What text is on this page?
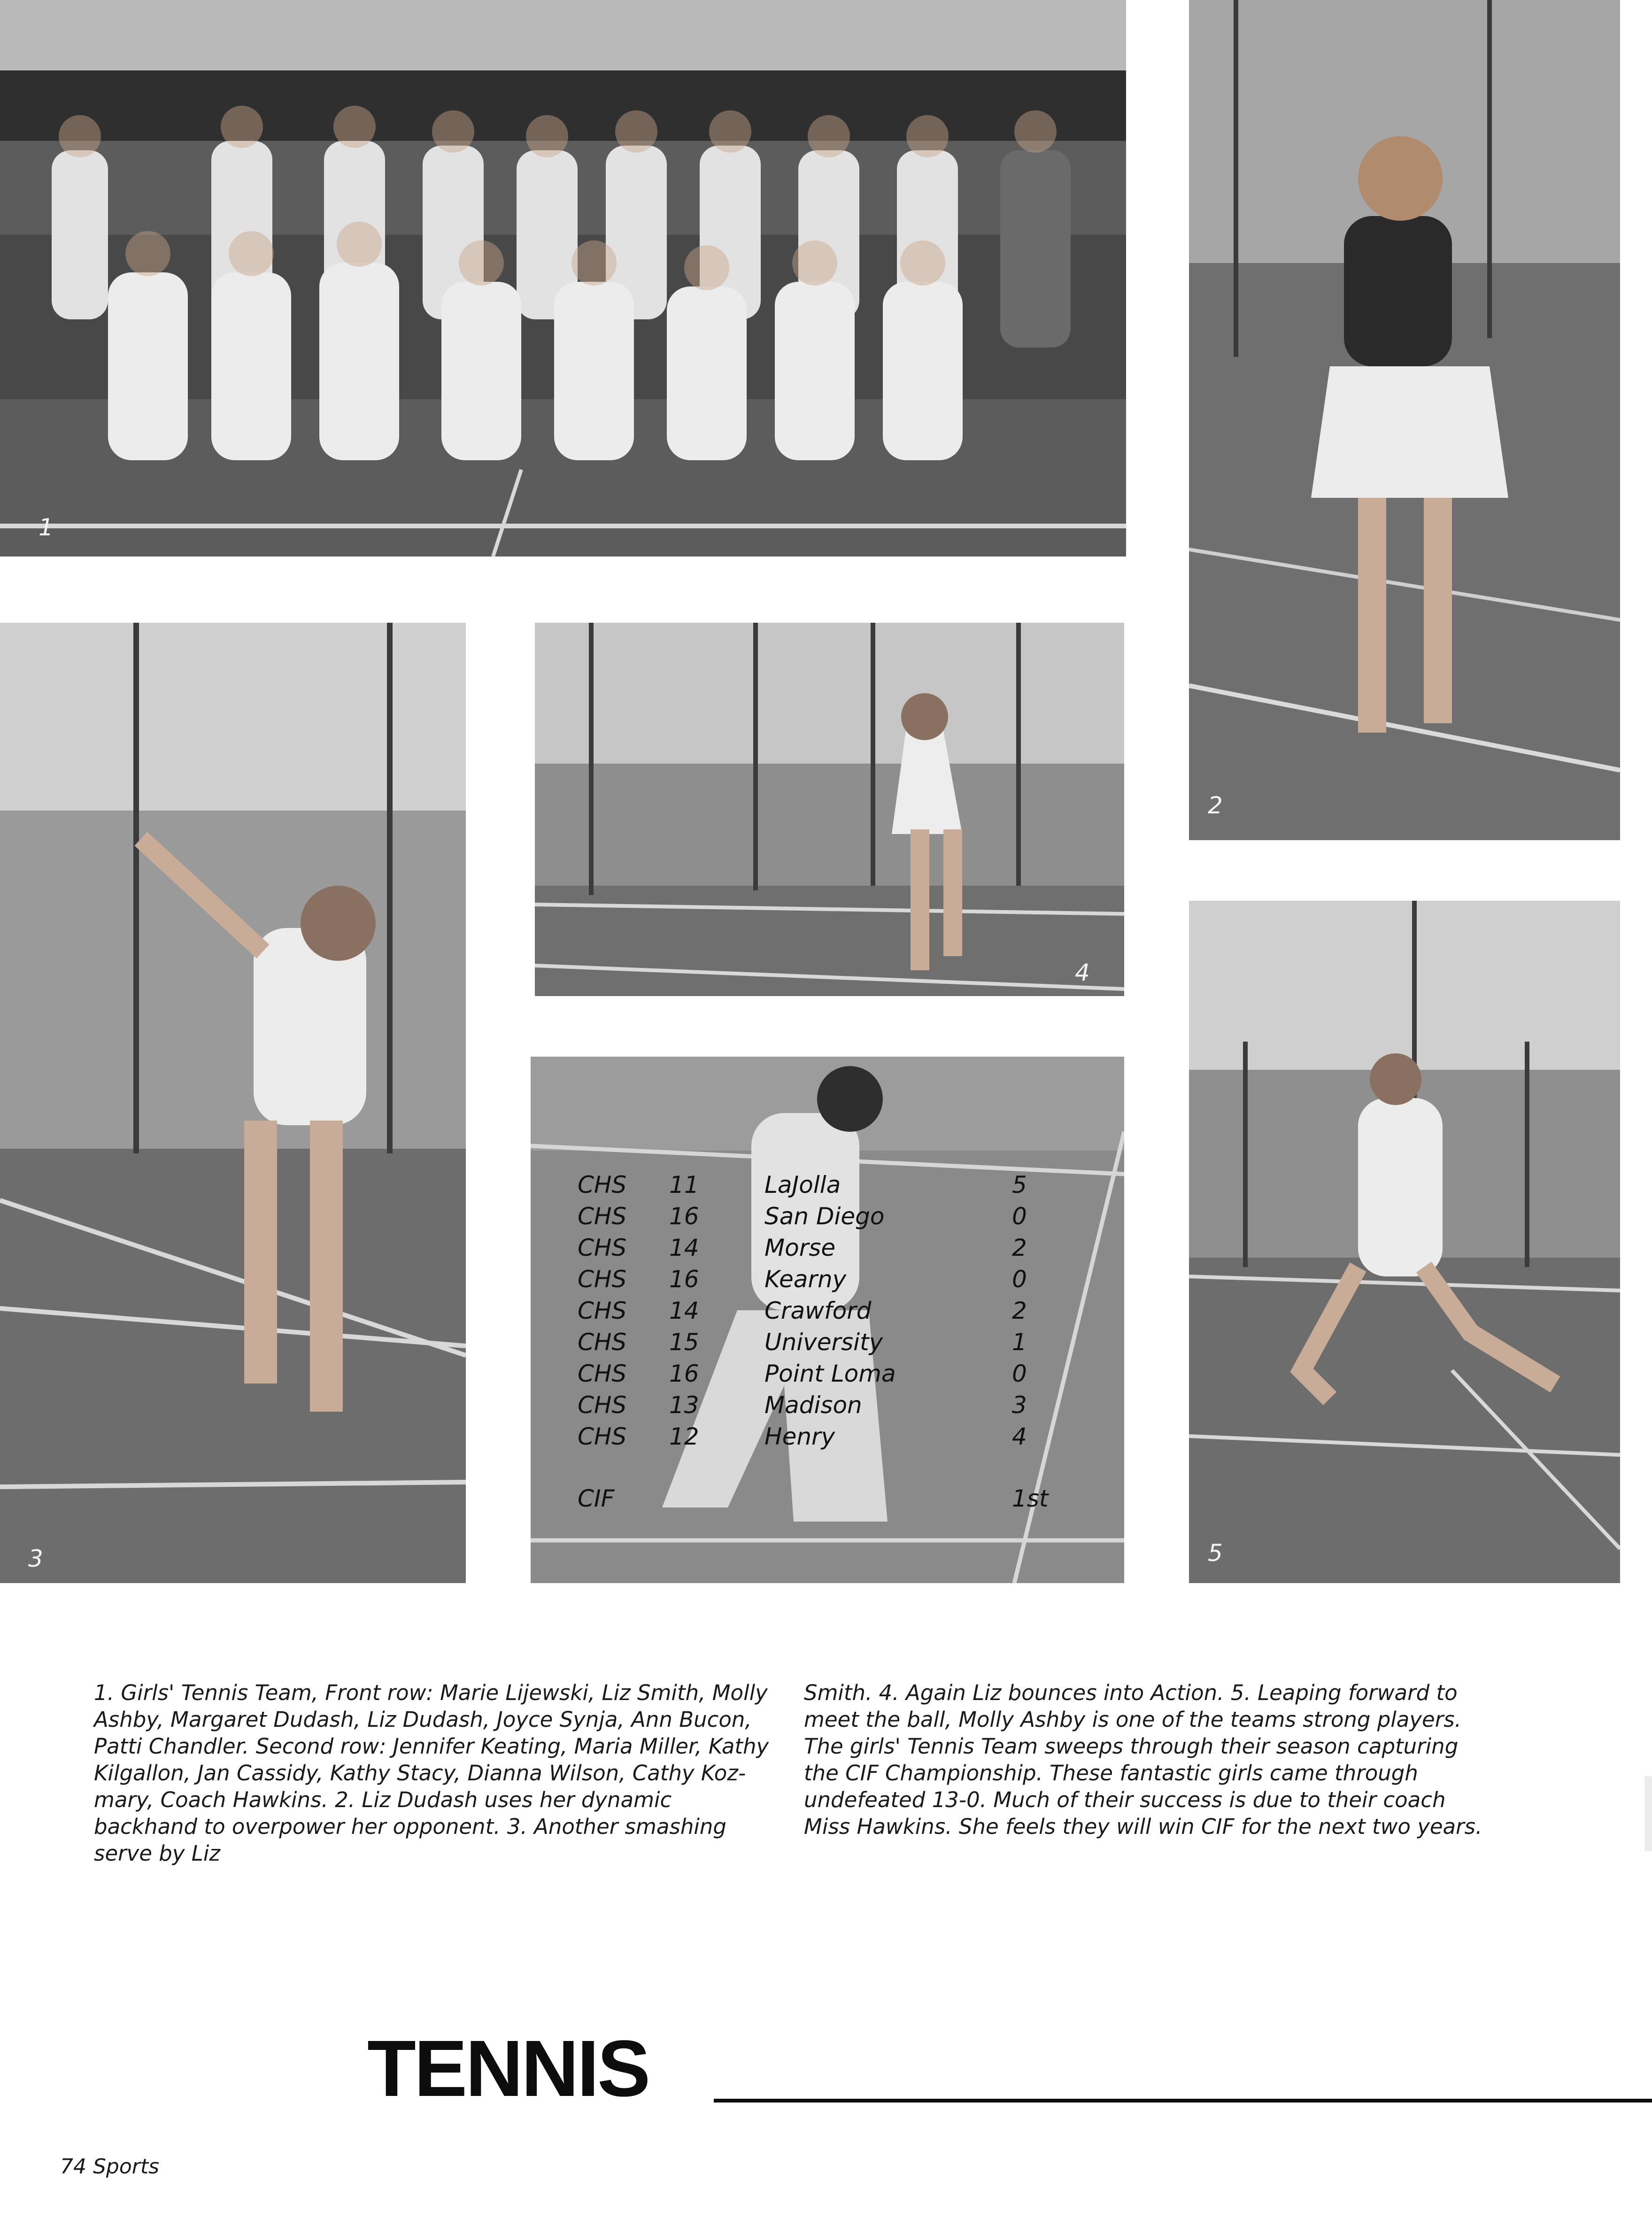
1
2
3
4
5
CHS 11	LaJolla	5
CHS 16	San Diego	0
CHS 14	Morse	2
CHS 16	Kearny	0
CHS 14	Crawford	2
CHS 15	University	1
CHS 16	Point Loma	0
CHS 13	Madison	3
CHS 12	Henry	4
CIF	1st

1. Girls' Tennis Team, Front row: Marie Lijewski, Liz Smith, Molly Ashby, Margaret Dudash, Liz Dudash, Joyce Synja, Ann Bucon, Patti Chandler. Second row: Jennifer Keating, Maria Miller, Kathy Kilgallon, Jan Cassidy, Kathy Stacy, Dianna Wilson, Cathy Koz-mary, Coach Hawkins. 2. Liz Dudash uses her dynamic backhand to overpower her opponent. 3. Another smashing serve by Liz

Smith. 4. Again Liz bounces into Action. 5. Leaping forward to meet the ball, Molly Ashby is one of the teams strong players. The girls' Tennis Team sweeps through their season capturing the CIF Championship. These fantastic girls came through undefeated 13-0. Much of their success is due to their coach Miss Hawkins. She feels they will win CIF for the next two years.

TENNIS
74 Sports
